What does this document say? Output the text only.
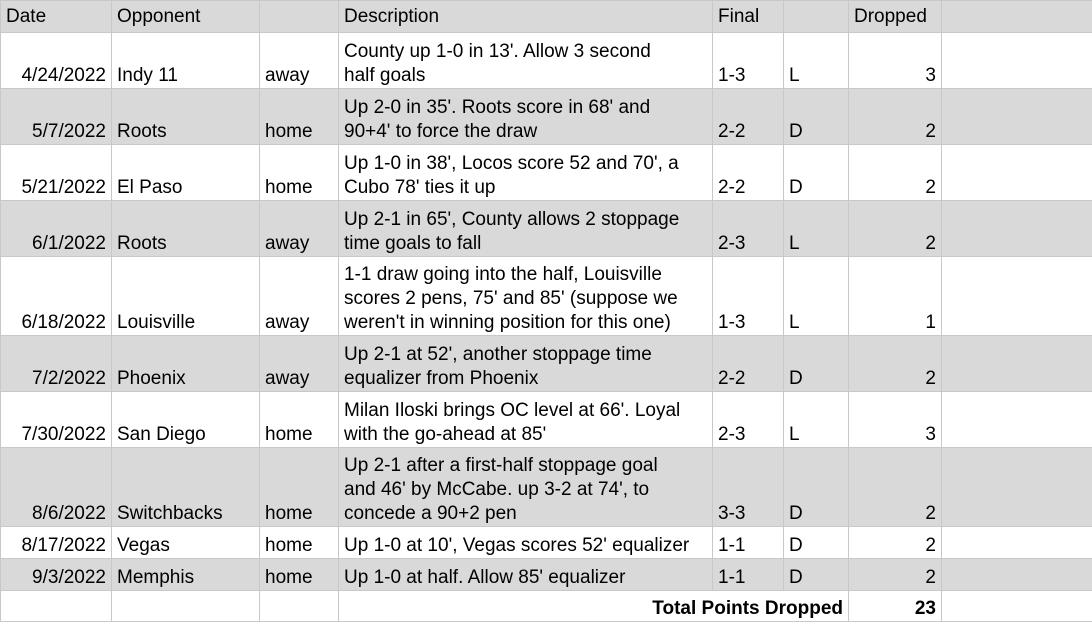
Date	Opponent		Description	Final		Dropped	
4/24/2022	Indy 11	away	County up 1-0 in 13'. Allow 3 second
half goals	1-3	L	3	
5/7/2022	Roots	home	Up 2-0 in 35'. Roots score in 68' and
90+4' to force the draw	2-2	D	2	
5/21/2022	El Paso	home	Up 1-0 in 38', Locos score 52 and 70', a
Cubo 78' ties it up	2-2	D	2	
6/1/2022	Roots	away	Up 2-1 in 65', County allows 2 stoppage
time goals to fall	2-3	L	2	
6/18/2022	Louisville	away	1-1 draw going into the half, Louisville
scores 2 pens, 75' and 85' (suppose we
weren't in winning position for this one)	1-3	L	1	
7/2/2022	Phoenix	away	Up 2-1 at 52', another stoppage time
equalizer from Phoenix	2-2	D	2	
7/30/2022	San Diego	home	Milan Iloski brings OC level at 66'. Loyal
with the go-ahead at 85'	2-3	L	3	
8/6/2022	Switchbacks	home	Up 2-1 after a first-half stoppage goal
and 46' by McCabe. up 3-2 at 74', to
concede a 90+2 pen	3-3	D	2	
8/17/2022	Vegas	home	Up 1-0 at 10', Vegas scores 52' equalizer	1-1	D	2	
9/3/2022	Memphis	home	Up 1-0 at half. Allow 85' equalizer	1-1	D	2	
			Total Points Dropped			23	
